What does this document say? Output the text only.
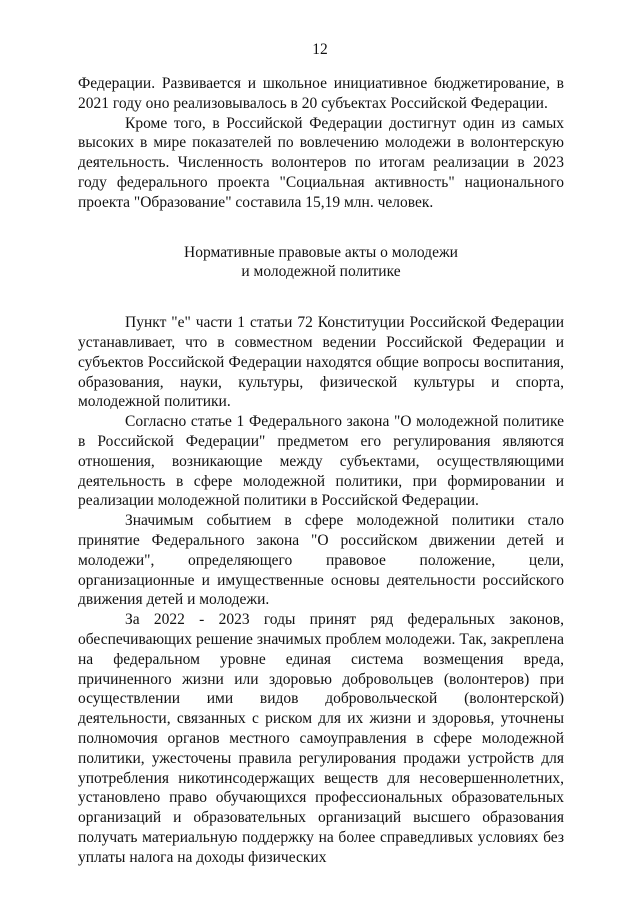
12

Федерации. Развивается и школьное инициативное бюджетирование, в 2021 году оно реализовывалось в 20 субъектах Российской Федерации.

Кроме того, в Российской Федерации достигнут один из самых высоких в мире показателей по вовлечению молодежи в волонтерскую деятельность. Численность волонтеров по итогам реализации в 2023 году федерального проекта "Социальная активность" национального проекта "Образование" составила 15,19 млн. человек.

Нормативные правовые акты о молодежи
и молодежной политике

Пункт "е" части 1 статьи 72 Конституции Российской Федерации устанавливает, что в совместном ведении Российской Федерации и субъектов Российской Федерации находятся общие вопросы воспитания, образования, науки, культуры, физической культуры и спорта, молодежной политики.

Согласно статье 1 Федерального закона "О молодежной политике в Российской Федерации" предметом его регулирования являются отношения, возникающие между субъектами, осуществляющими деятельность в сфере молодежной политики, при формировании и реализации молодежной политики в Российской Федерации.

Значимым событием в сфере молодежной политики стало принятие Федерального закона "О российском движении детей и молодежи", определяющего правовое положение, цели, организационные и имущественные основы деятельности российского движения детей и молодежи.

За 2022 - 2023 годы принят ряд федеральных законов, обеспечивающих решение значимых проблем молодежи. Так, закреплена на федеральном уровне единая система возмещения вреда, причиненного жизни или здоровью добровольцев (волонтеров) при осуществлении ими видов добровольческой (волонтерской) деятельности, связанных с риском для их жизни и здоровья, уточнены полномочия органов местного самоуправления в сфере молодежной политики, ужесточены правила регулирования продажи устройств для употребления никотинсодержащих веществ для несовершеннолетних, установлено право обучающихся профессиональных образовательных организаций и образовательных организаций высшего образования получать материальную поддержку на более справедливых условиях без уплаты налога на доходы физических
